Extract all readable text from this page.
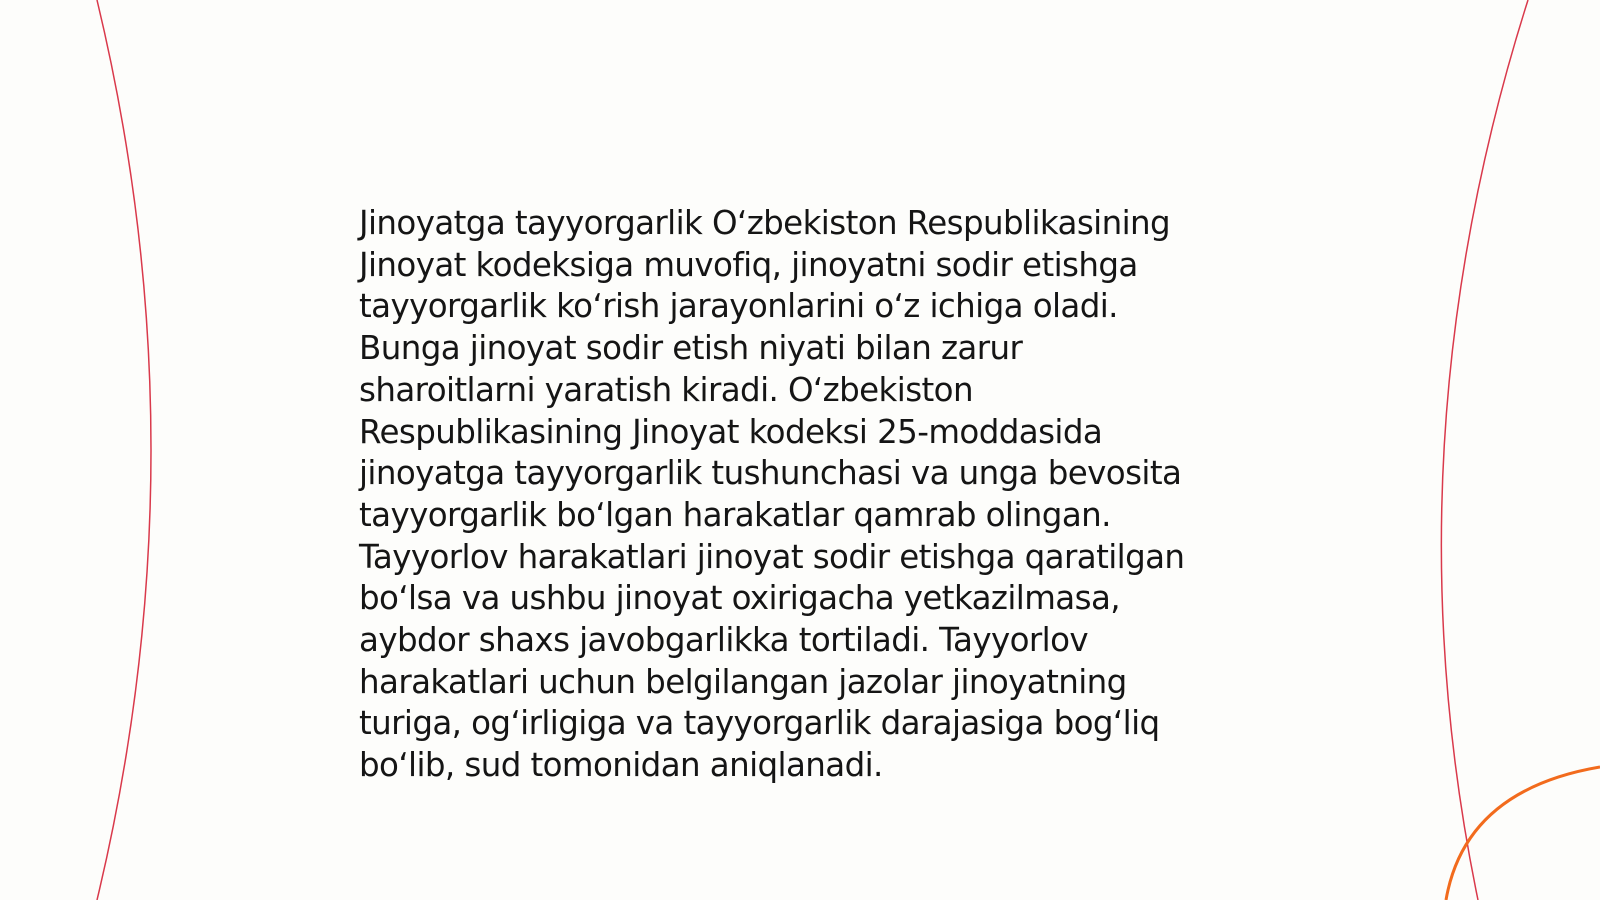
Jinoyatga tayyorgarlik O‘zbekiston Respublikasining
Jinoyat kodeksiga muvofiq, jinoyatni sodir etishga
tayyorgarlik ko‘rish jarayonlarini o‘z ichiga oladi.
Bunga jinoyat sodir etish niyati bilan zarur
sharoitlarni yaratish kiradi. O‘zbekiston
Respublikasining Jinoyat kodeksi 25-moddasida
jinoyatga tayyorgarlik tushunchasi va unga bevosita
tayyorgarlik bo‘lgan harakatlar qamrab olingan.
Tayyorlov harakatlari jinoyat sodir etishga qaratilgan
bo‘lsa va ushbu jinoyat oxirigacha yetkazilmasa,
aybdor shaxs javobgarlikka tortiladi. Tayyorlov
harakatlari uchun belgilangan jazolar jinoyatning
turiga, og‘irligiga va tayyorgarlik darajasiga bog‘liq
bo‘lib, sud tomonidan aniqlanadi.
